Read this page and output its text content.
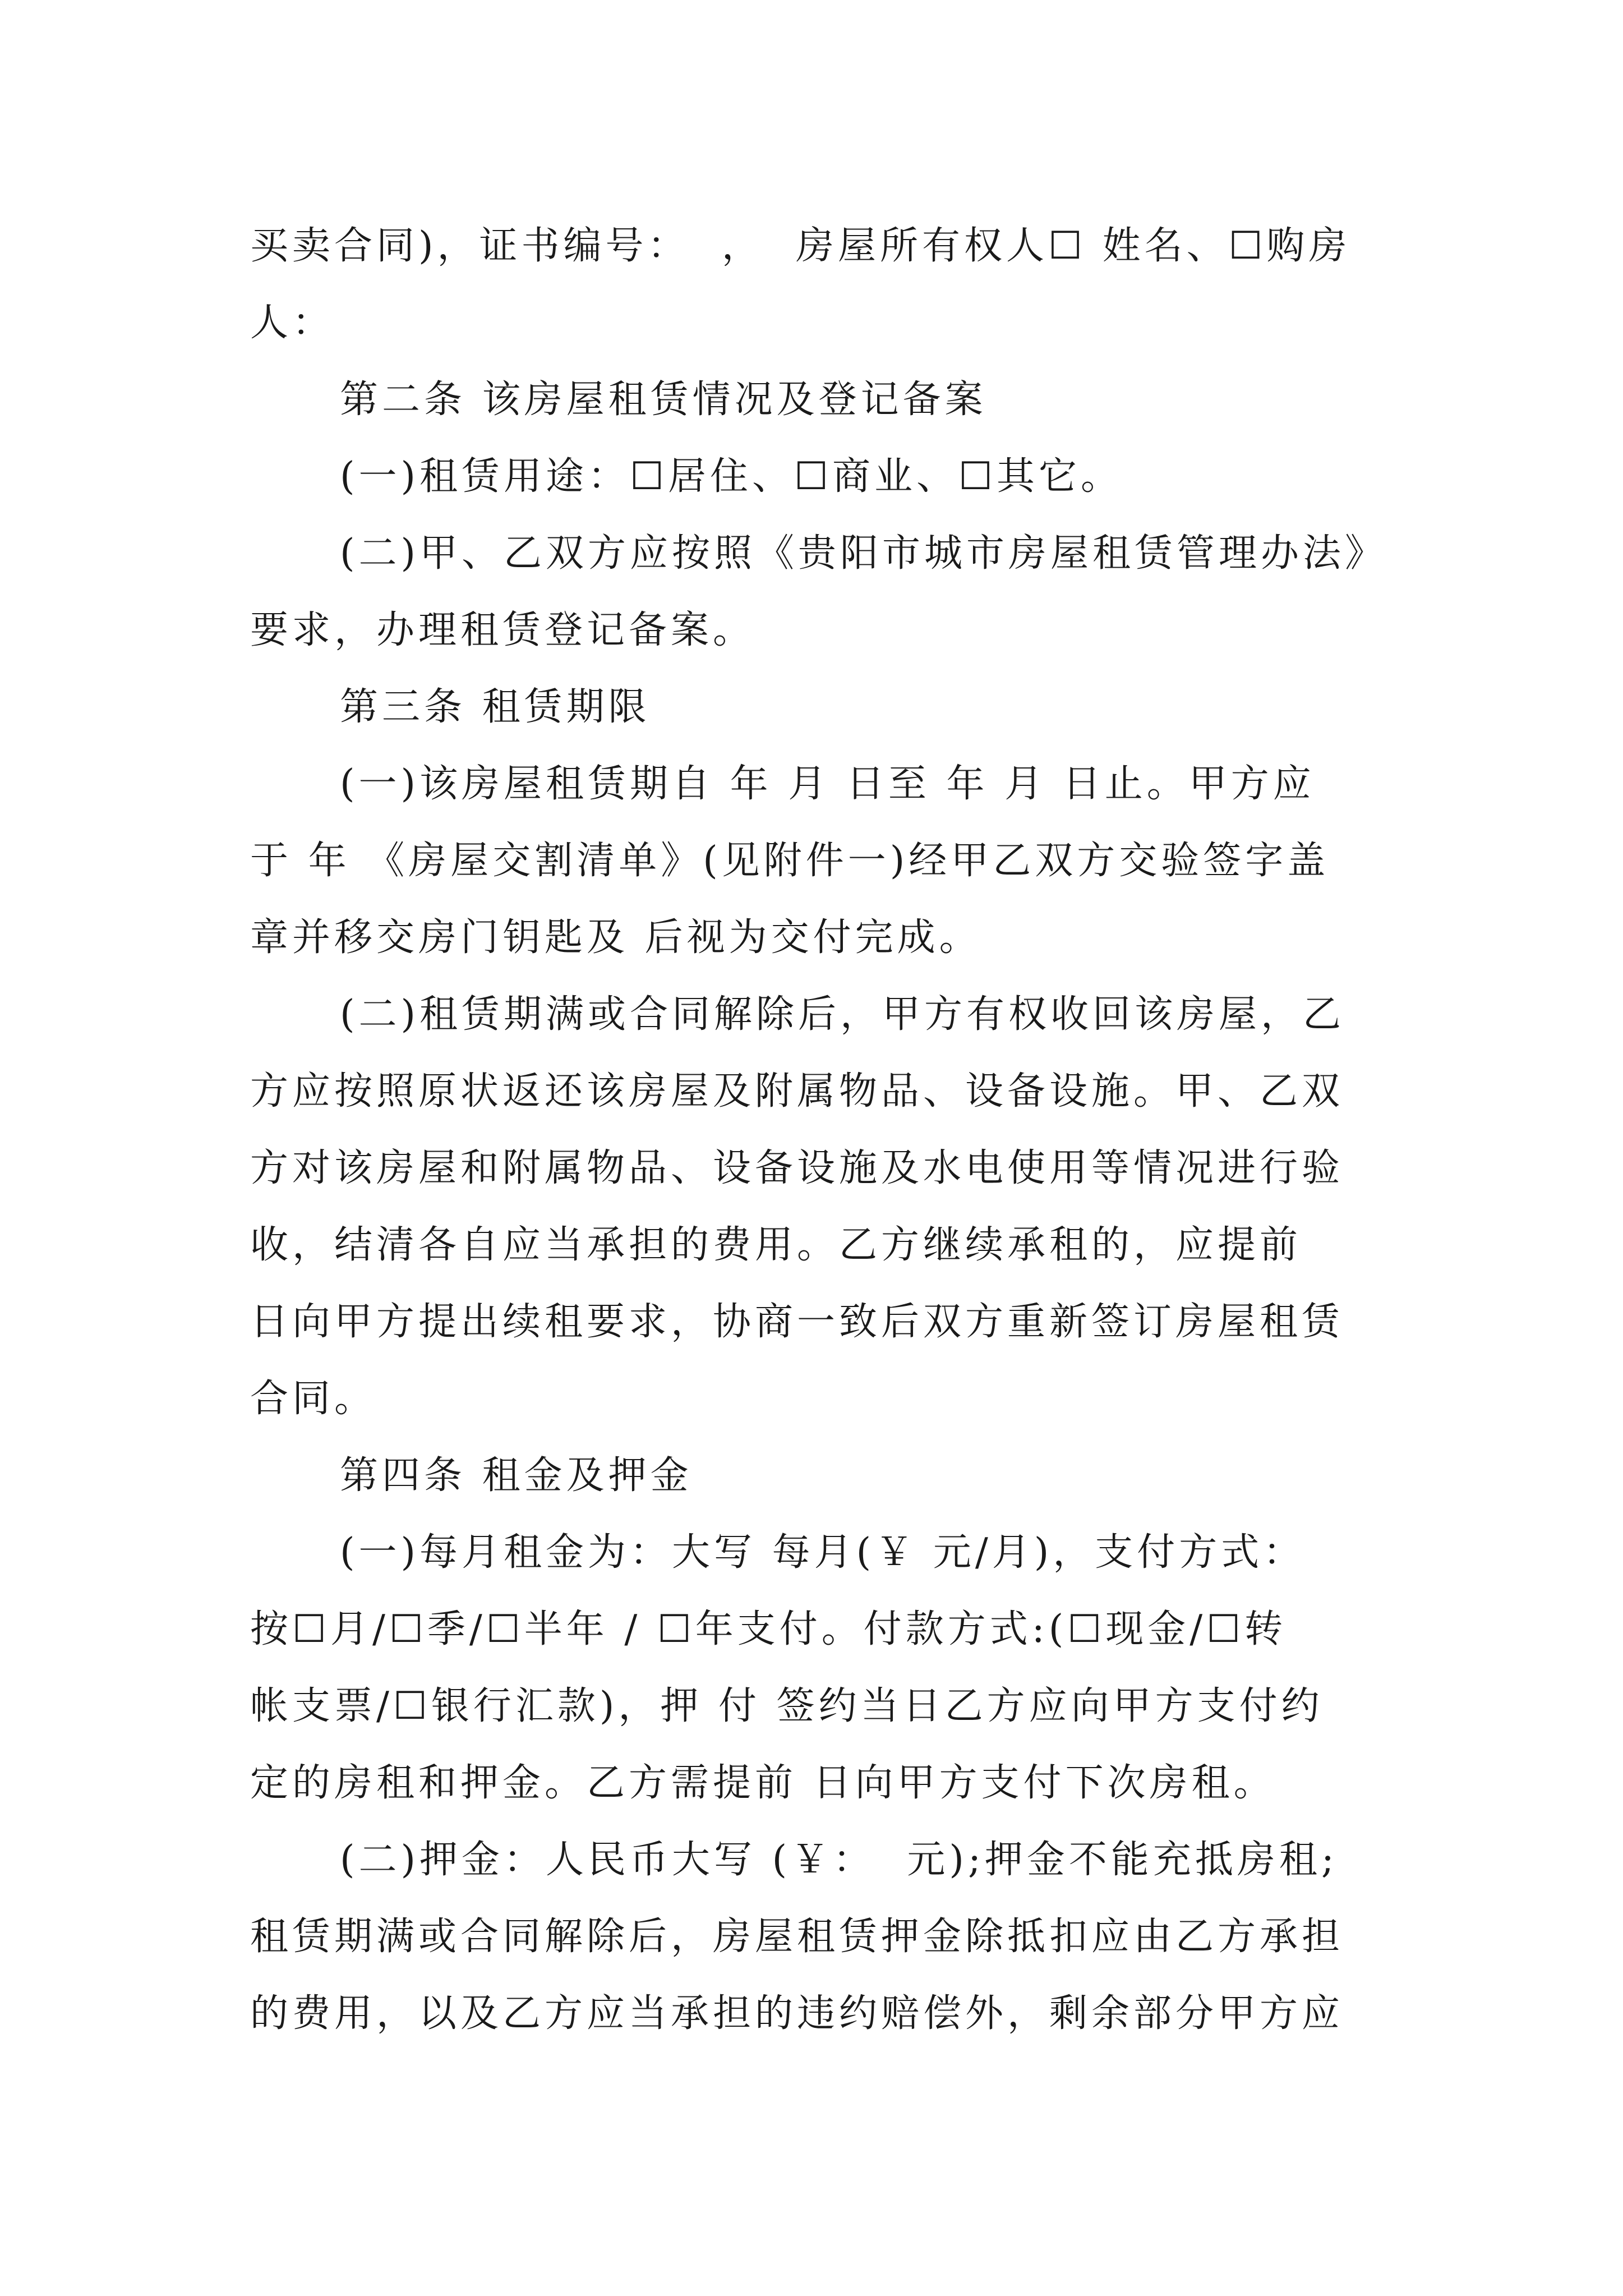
买卖合同)，证书编号：  ，  房屋所有权人☐ 姓名、☐购房
人：
第二条 该房屋租赁情况及登记备案
(一)租赁用途：☐居住、☐商业、☐其它。
(二)甲、乙双方应按照《贵阳市城市房屋租赁管理办法》
要求，办理租赁登记备案。
第三条 租赁期限
(一)该房屋租赁期自 年 月 日至 年 月 日止。甲方应
于 年 《房屋交割清单》(见附件一)经甲乙双方交验签字盖
章并移交房门钥匙及 后视为交付完成。
(二)租赁期满或合同解除后，甲方有权收回该房屋，乙
方应按照原状返还该房屋及附属物品、设备设施。甲、乙双
方对该房屋和附属物品、设备设施及水电使用等情况进行验
收，结清各自应当承担的费用。乙方继续承租的，应提前
日向甲方提出续租要求，协商一致后双方重新签订房屋租赁
合同。
第四条 租金及押金
(一)每月租金为：大写 每月(￥ 元/月)，支付方式：
按☐月/☐季/☐半年 / ☐年支付。付款方式:(☐现金/☐转
帐支票/☐银行汇款)，押 付 签约当日乙方应向甲方支付约
定的房租和押金。乙方需提前 日向甲方支付下次房租。
(二)押金：人民币大写 (￥：  元);押金不能充抵房租;
租赁期满或合同解除后，房屋租赁押金除抵扣应由乙方承担
的费用，以及乙方应当承担的违约赔偿外，剩余部分甲方应
